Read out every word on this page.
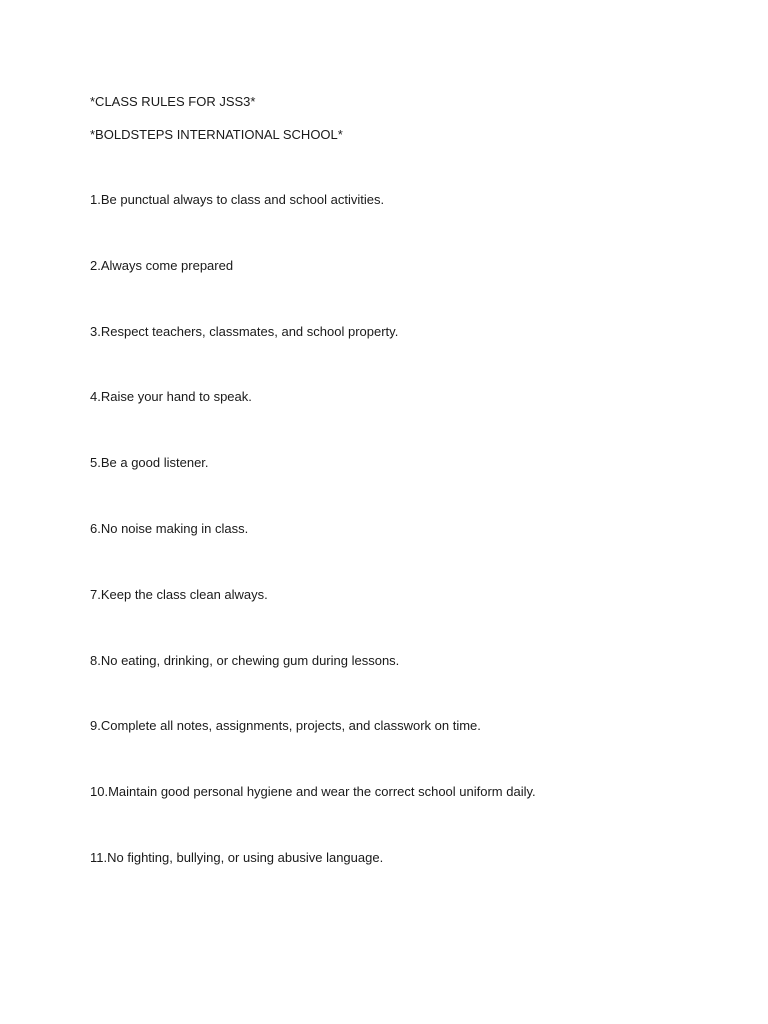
*CLASS RULES FOR JSS3*
*BOLDSTEPS INTERNATIONAL SCHOOL*
1.Be punctual always to class and school activities.
2.Always come prepared
3.Respect teachers, classmates, and school property.
4.Raise your hand to speak.
5.Be a good listener.
6.No noise making in class.
7.Keep the class clean always.
8.No eating, drinking, or chewing gum during lessons.
9.Complete all notes, assignments, projects, and classwork on time.
10.Maintain good personal hygiene and wear the correct school uniform daily.
11.No fighting, bullying, or using abusive language.
